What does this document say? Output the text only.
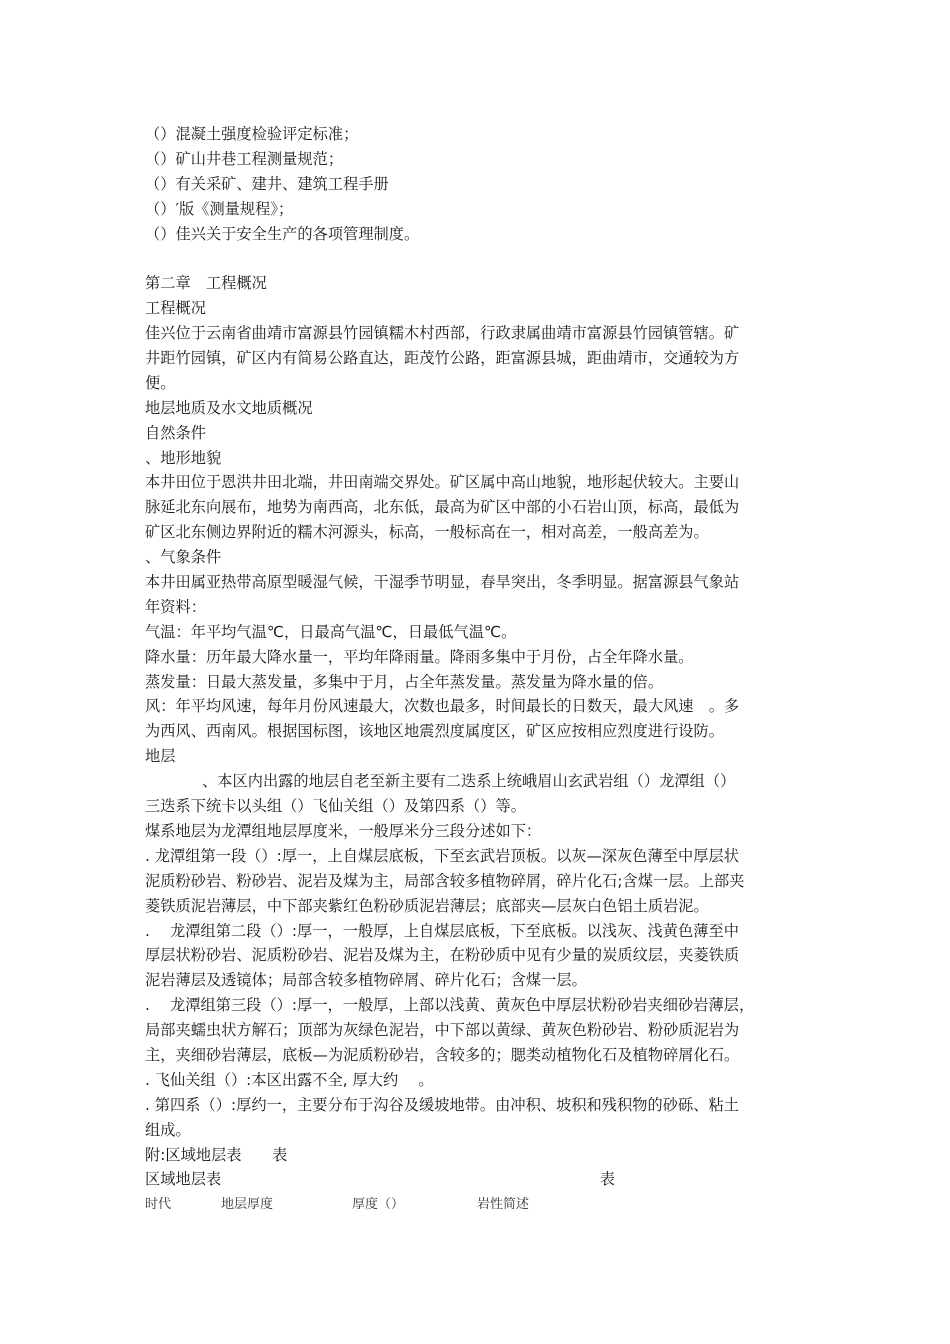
（）混凝土强度检验评定标准；
（）矿山井巷工程测量规范；
（）有关采矿、建井、建筑工程手册
（）′版《测量规程》；
（）佳兴关于安全生产的各项管理制度。
第二章　工程概况
工程概况
佳兴位于云南省曲靖市富源县竹园镇糯木村西部，行政隶属曲靖市富源县竹园镇管辖。矿
井距竹园镇，矿区内有简易公路直达，距茂竹公路，距富源县城，距曲靖市，交通较为方
便。
地层地质及水文地质概况
自然条件
、地形地貌
本井田位于恩洪井田北端，井田南端交界处。矿区属中高山地貌，地形起伏较大。主要山
脉延北东向展布，地势为南西高，北东低，最高为矿区中部的小石岩山顶，标高，最低为
矿区北东侧边界附近的糯木河源头，标高，一般标高在一，相对高差，一般高差为。
、气象条件
本井田属亚热带高原型暖湿气候，干湿季节明显，春旱突出，冬季明显。据富源县气象站
年资料：
气温：年平均气温℃，日最高气温℃，日最低气温℃。
降水量：历年最大降水量一，平均年降雨量。降雨多集中于月份，占全年降水量。
蒸发量：日最大蒸发量，多集中于月，占全年蒸发量。蒸发量为降水量的倍。
风：年平均风速，每年月份风速最大，次数也最多，时间最长的日数天，最大风速　。多
为西风、西南风。根据国标图，该地区地震烈度属度区，矿区应按相应烈度进行设防。
地层
、本区内出露的地层自老至新主要有二迭系上统峨眉山玄武岩组（）龙潭组（）
三迭系下统卡以头组（）飞仙关组（）及第四系（）等。
煤系地层为龙潭组地层厚度米，一般厚米分三段分述如下：
. 龙潭组第一段（）:厚一，上自煤层底板，下至玄武岩顶板。以灰—深灰色薄至中厚层状
泥质粉砂岩、粉砂岩、泥岩及煤为主，局部含较多植物碎屑，碎片化石;含煤一层。上部夹
菱铁质泥岩薄层，中下部夹紫红色粉砂质泥岩薄层；底部夹—层灰白色铝土质岩泥。
.　 龙潭组第二段（）:厚一，一般厚，上自煤层底板，下至底板。以浅灰、浅黄色薄至中
厚层状粉砂岩、泥质粉砂岩、泥岩及煤为主，在粉砂质中见有少量的炭质纹层，夹菱铁质
泥岩薄层及透镜体；局部含较多植物碎屑、碎片化石；含煤一层。
.　 龙潭组第三段（）:厚一，一般厚，上部以浅黄、黄灰色中厚层状粉砂岩夹细砂岩薄层，
局部夹蠕虫状方解石；顶部为灰绿色泥岩，中下部以黄绿、黄灰色粉砂岩、粉砂质泥岩为
主，夹细砂岩薄层，底板—为泥质粉砂岩，含较多的；腮类动植物化石及植物碎屑化石。
. 飞仙关组（）:本区出露不全, 厚大约　 。
. 第四系（）:厚约一，主要分布于沟谷及缓坡地带。由冲积、坡积和残积物的砂砾、粘土
组成。
附:区域地层表　　表
区域地层表	表
时代	地层厚度	厚度（）	岩性简述
